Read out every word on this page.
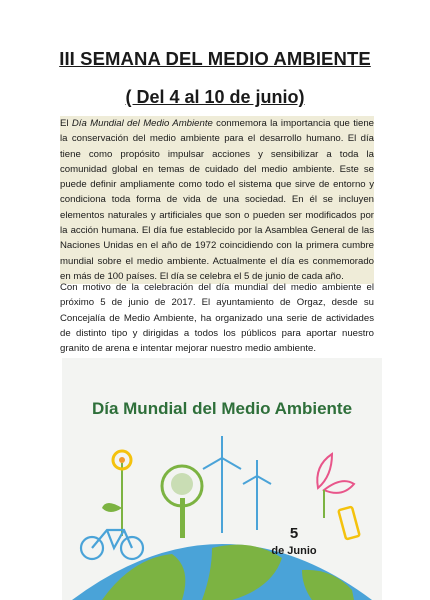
III SEMANA DEL MEDIO AMBIENTE
( Del 4 al 10 de junio)

El Día Mundial del Medio Ambiente conmemora la importancia que tiene la conservación del medio ambiente para el desarrollo humano. El día tiene como propósito impulsar acciones y sensibilizar a toda la comunidad global en temas de cuidado del medio ambiente. Este se puede definir ampliamente como todo el sistema que sirve de entorno y condiciona toda forma de vida de una sociedad. En él se incluyen elementos naturales y artificiales que son o pueden ser modificados por la acción humana. El día fue establecido por la Asamblea General de las Naciones Unidas en el año de 1972 coincidiendo con la primera cumbre mundial sobre el medio ambiente. Actualmente el día es conmemorado en más de 100 países. El día se celebra el 5 de junio de cada año.

Con motivo de la celebración del día mundial del medio ambiente el próximo 5 de junio de 2017. El ayuntamiento de Orgaz, desde su Concejalía de Medio Ambiente, ha organizado una serie de actividades de distinto tipo y dirigidas a todos los públicos para aportar nuestro granito de arena e intentar mejorar nuestro medio ambiente.

Día Mundial del Medio Ambiente
5
de Junio
